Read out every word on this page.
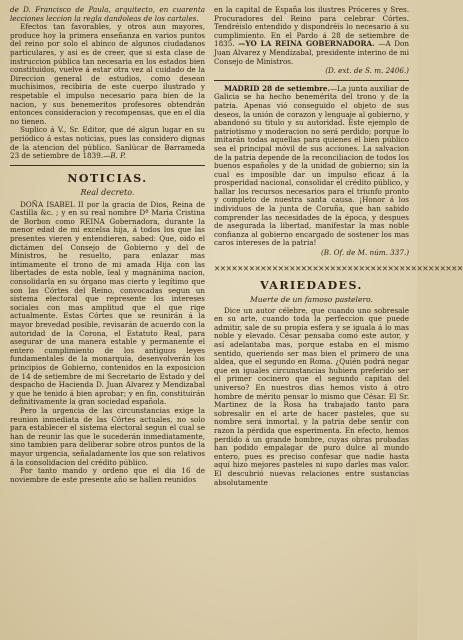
de D. Francisco de Paula, arquitecto, en cuarenta lecciones leccion la regla dandoleas de los cartales.

Efectos tan favorables, y otros aun mayores, produce hoy la primera enseñanza en varios puntos del reino por solo el abinco de algunos ciudadanos particulares, y asi es de creer, que si esta clase de instruccion pública tan necesaria en los estados bien constituidos, vuelve á estar otra vez al cuidado de la Direccion general de estudios, como desean muchísimos, recibiria de este cuerpo ilustrado y respetable el impulso necesario para bien de la nacion, y sus benemeritos profesores obtendrán entonces consideracion y recompensas, que en el dia no tienen.

Suplico á V., Sr. Editor, que dé algun lugar en su periódico á estas noticias, pues las considero dignas de la atencion del público. Sanlúcar de Barrameda 23 de setiembre de 1839.—B. P.

NOTICIAS.
Real decreto.

DOÑA ISABEL II por la gracia de Dios, Reina de Castilla &c. ; y en su real nombre Dª Maria Cristina de Borbon como REINA Gobernadora, durante la menor edad de mi excelsa hija, á todos los que las presentes vieren y entendieren, sabed: Que, oido el dictámen del Consejo de Gobierno y del de Ministros, he resuelto, para enlazar mas intimamente el trono de mi amada Hija con las libertades de esta noble, leal y magnánima nacion, consolidarla en su órgano mas cierto y legítimo que son las Córtes del Reino, convocadas segun un sistema electoral que represente los intereses sociales con mas amplitud que el que rige actualmente. Estas Córtes que se reunirán á la mayor brevedad posible, revisarán de acuerdo con la autoridad de la Corona, el Estatuto Real, para asegurar de una manera estable y permanente el entero cumplimiento de los antiguos leyes fundamentales de la monarquía, desenvolverán los principios de Gobierno, contenidos en la exposicion de 14 de setiembre de mi Secretario de Estado y del despacho de Hacienda D. Juan Alvarez y Mendizabal y que he tenido á bien aprobar; y en fin, constituirán definitivamente la gran sociedad española.

Pero la urgencia de las circunstancias exige la reunion inmediata de las Córtes actuales, no solo para establecer el sistema electoral segun el cual se han de reunir las que le sucederán inmediatamente, sino tambien para deliberar sobre otros puntos de la mayor urgencia, señaladamente los que son relativos á la consolidacion del crédito público.

Por tanto mando y ordeno que el dia 16 de noviembre de este presente año se hallen reunidos

en la capital de España los ilustres Próceres y Sres. Procuradores del Reino para celebrar Córtes. Tendréislo entendido y dispondréis lo necesario á su cumplimiento. En el Pardo á 28 de setiembre de 1835. —YO LA REINA GOBERNADORA. —A Don Juan Alvarez y Mendizabal, presidente interino de mi Consejo de Ministros.

(D. ext. de S. m. 2406.)

MADRID 28 de setiembre.—La junta auxiliar de Galicia se ha hecho benemérita del trono y de la patria. Apenas vió conseguido el objeto de sus deseos, la unión de corazon y lenguaje al gobierno, y abandonó su titulo y su autoridad. Este ejemplo de patriotismo y moderacion no será perdido; porque lo imitarán todas aquellas para quienes el bien público sea el principal móvil de sus acciones. La salvacion de la patria depende de la reconciliacion de todos los buenos españoles y de la unidad de gobierno; sin la cual es imposible dar un impulso eficaz á la prosperidad nacional, consolidar el crédito público, y hallar los recursos necesarios para el triunfo pronto y completo de nuestra santa causa. ¡Honor á los individuos de la junta de Coruña, que han sabido comprender las necesidades de la época, y despues de asegurada la libertad, manifestar la mas noble confianza al gobierno encargado de sostener los mas caros intereses de la patria!

(B. Of. de M. núm. 337.)

✕✕✕✕✕✕✕✕✕✕✕✕✕✕✕✕✕✕✕✕✕✕✕✕✕✕✕✕✕✕✕✕✕✕✕✕✕✕✕✕✕✕✕
VARIEDADES.
Muerte de un famoso pastelero.

Dice un autor célebre, que cuando uno sobresale en su arte, cuando toda la perfeccion que puede admitir, sale de su propia esfera y se iguala á lo mas noble y elevado. César pensaba como este autor, y así adelantaba mas, porque estaba en el mismo sentido, queriendo ser mas bien el primero de una aldea, que el segundo en Roma. ¿Quién podrá negar que en iguales circunstancias hubiera preferido ser el primer cocinero que el segundo capitan del universo? En nuestros dias hemos visto á otro hombre de mérito pensar lo mismo que César. El Sr. Martinez de la Rosa ha trabajado tanto para sobresalir en el arte de hacer pasteles, que su nombre será inmortal, y la patria debe sentir con razon la pérdida que esperimenta. En efecto, hemos perdido á un grande hombre, cuyas obras probadas han podido empalagar de puro dulce al mundo entero, pues es preciso confesar que nadie hasta aquí hizo mejores pasteles ni supo darles mas valor. El descubrió nuevas relaciones entre sustancias absolutamente
